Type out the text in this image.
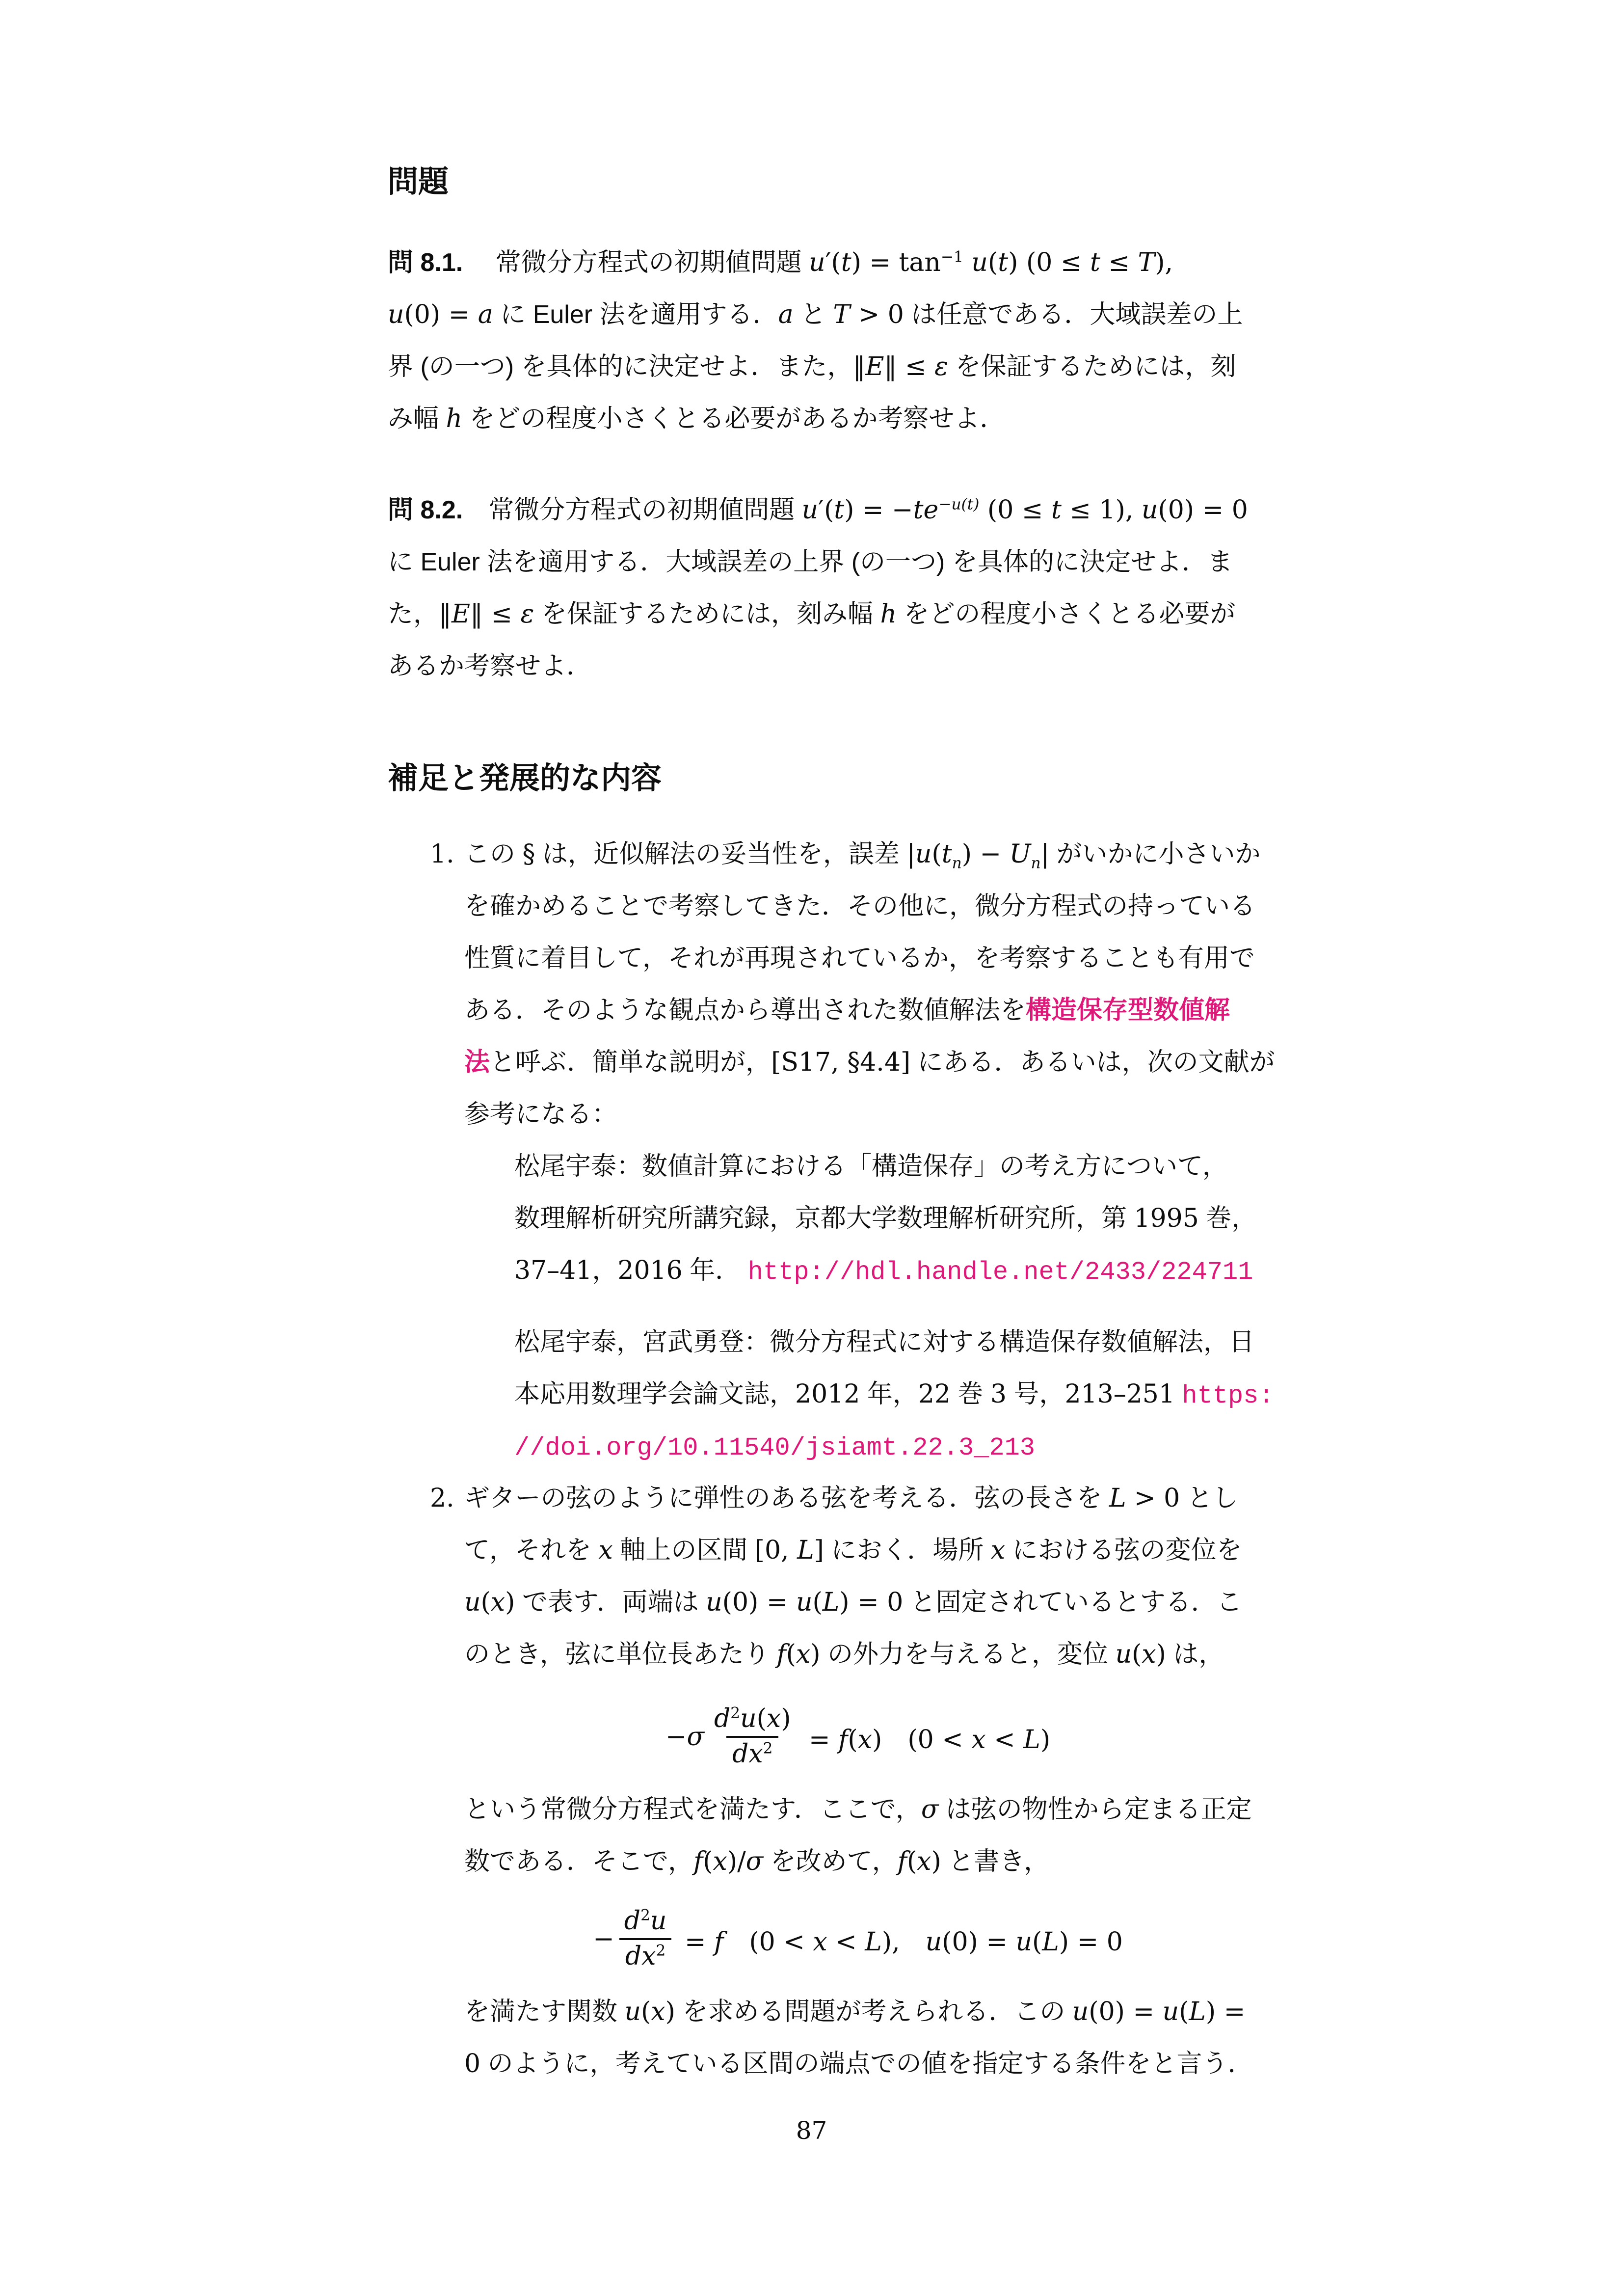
問題
問 8.1.　 常微分方程式の初期値問題 $u'(t) = \tan^{-1} u(t) (0 \le t \le T)$,
u(0) = a に Euler 法を適用する．a と T > 0 は任意である．大域誤差の上
界 (の一つ) を具体的に決定せよ．また，‖E‖ ≤ ε を保証するためには，刻
み幅 h をどの程度小さくとる必要があるか考察せよ．
問 8.2.　常微分方程式の初期値問題 $u'(t) = -te^{-u(t)}$ (0 ≤ t ≤ 1), u(0) = 0
に Euler 法を適用する．大域誤差の上界 (の一つ) を具体的に決定せよ．ま
た，‖E‖ ≤ ε を保証するためには，刻み幅 h をどの程度小さくとる必要が
あるか考察せよ．
補足と発展的な内容
1. この § は，近似解法の妥当性を，誤差 $|u(t_n) - U_n|$ がいかに小さいか
を確かめることで考察してきた．その他に，微分方程式の持っている
性質に着目して，それが再現されているか，を考察することも有用で
ある．そのような観点から導出された数値解法を構造保存型数値解
法と呼ぶ．簡単な説明が，[S17, §4.4] にある．あるいは，次の文献が
参考になる：
松尾宇泰：数値計算における「構造保存」の考え方について，
数理解析研究所講究録，京都大学数理解析研究所，第 1995 巻，
37–41，2016 年． http://hdl.handle.net/2433/224711
松尾宇泰，宮武勇登：微分方程式に対する構造保存数値解法，日
本応用数理学会論文誌，2012 年，22 巻 3 号，213–251 https:
//doi.org/10.11540/jsiamt.22.3_213
2. ギターの弦のように弾性のある弦を考える．弦の長さを L > 0 とし
て，それを x 軸上の区間 [0, L] におく．場所 x における弦の変位を
u(x) で表す．両端は u(0) = u(L) = 0 と固定されているとする．こ
のとき，弦に単位長あたり f(x) の外力を与えると，変位 u(x) は，
$-\sigma \frac{d^2u(x)}{dx^2} = f(x)$　(0 < x < L)
という常微分方程式を満たす．ここで，σ は弦の物性から定まる正定
数である．そこで，f(x)/σ を改めて，f(x) と書き，
− $\frac{d^2u}{dx^2} = f$　(0 < x < L),　u(0) = u(L) = 0
を満たす関数 u(x) を求める問題が考えられる．この u(0) = u(L) =
0 のように，考えている区間の端点での値を指定する条件をと言う．
87
